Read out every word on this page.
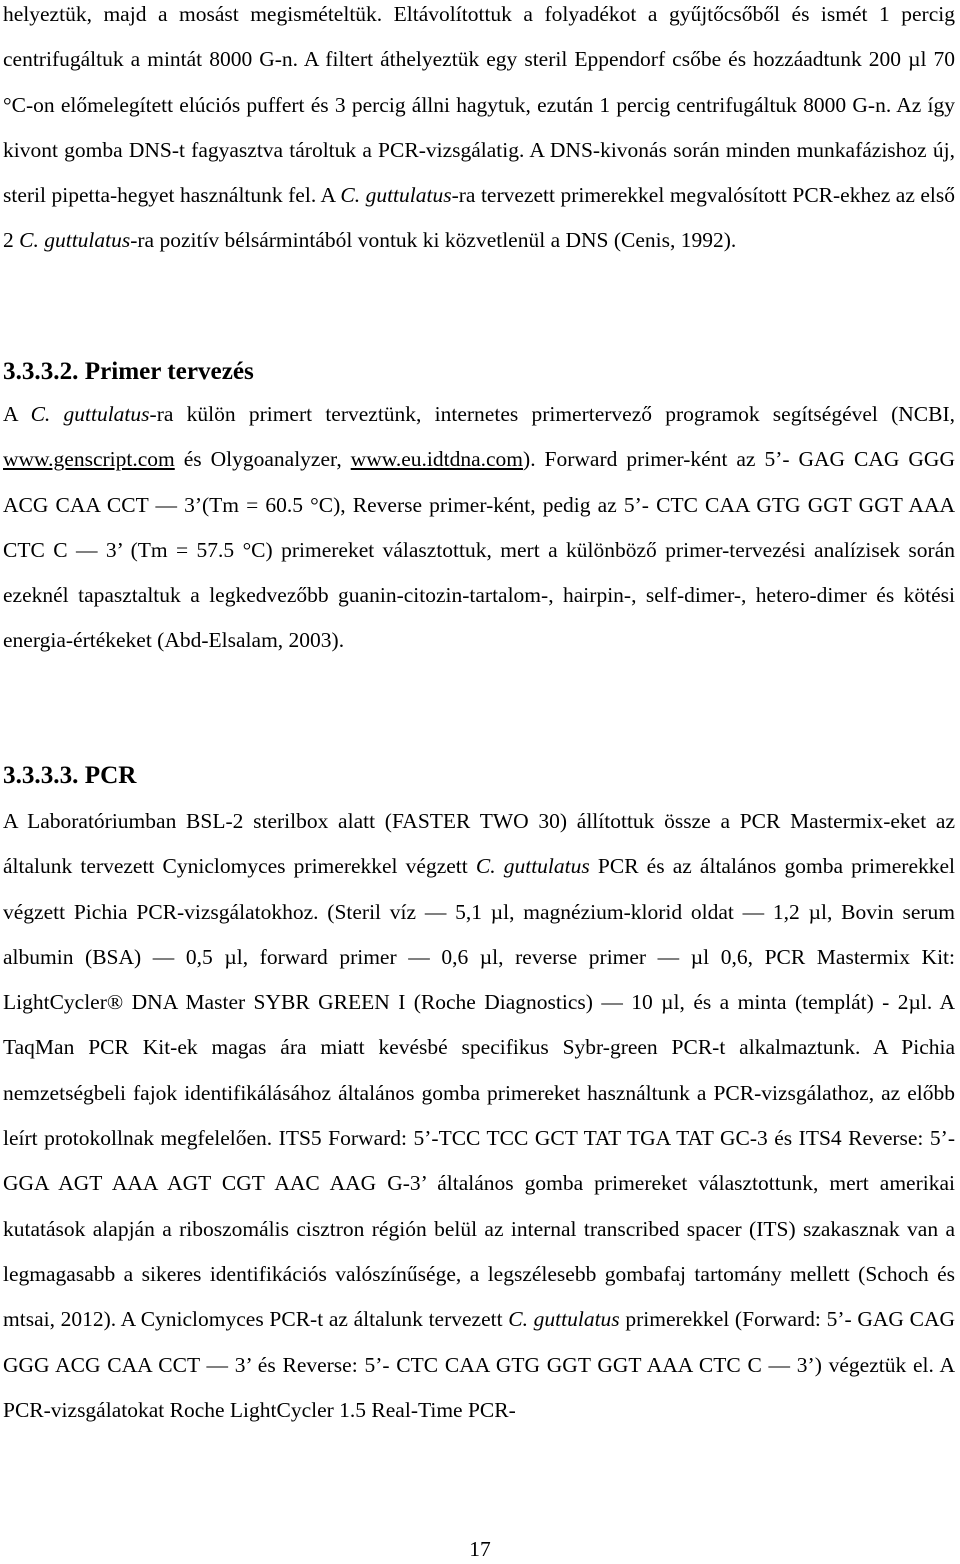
helyeztük, majd a mosást megismételtük. Eltávolítottuk a folyadékot a gyűjtőcsőből és ismét 1 percig centrifugáltuk a mintát 8000 G-n. A filtert áthelyeztük egy steril Eppendorf csőbe és hozzáadtunk 200 µl 70 °C-on előmelegített elúciós puffert és 3 percig állni hagytuk, ezután 1 percig centrifugáltuk 8000 G-n. Az így kivont gomba DNS-t fagyasztva tároltuk a PCR-vizsgálatig. A DNS-kivonás során minden munkafázishoz új, steril pipetta-hegyet használtunk fel. A C. guttulatus-ra tervezett primerekkel megvalósított PCR-ekhez az első 2 C. guttulatus-ra pozitív bélsármintából vontuk ki közvetlenül a DNS (Cenis, 1992).

3.3.3.2. Primer tervezés

A C. guttulatus-ra külön primert terveztünk, internetes primertervező programok segítségével (NCBI, www.genscript.com és Olygoanalyzer, www.eu.idtdna.com). Forward primer-ként az 5’- GAG CAG GGG ACG CAA CCT — 3’(Tm = 60.5 °C), Reverse primer-ként, pedig az 5’- CTC CAA GTG GGT GGT AAA CTC C — 3’ (Tm = 57.5 °C) primereket választottuk, mert a különböző primer-tervezési analízisek során ezeknél tapasztaltuk a legkedvezőbb guanin-citozin-tartalom-, hairpin-, self-dimer-, hetero-dimer és kötési energia-értékeket (Abd-Elsalam, 2003).

3.3.3.3. PCR

A Laboratóriumban BSL-2 sterilbox alatt (FASTER TWO 30) állítottuk össze a PCR Mastermix-eket az általunk tervezett Cyniclomyces primerekkel végzett C. guttulatus PCR és az általános gomba primerekkel végzett Pichia PCR-vizsgálatokhoz. (Steril víz — 5,1 µl, magnézium-klorid oldat — 1,2 µl, Bovin serum albumin (BSA) — 0,5 µl, forward primer — 0,6 µl, reverse primer — µl 0,6, PCR Mastermix Kit: LightCycler® DNA Master SYBR GREEN I (Roche Diagnostics) — 10 µl, és a minta (templát) - 2µl. A TaqMan PCR Kit-ek magas ára miatt kevésbé specifikus Sybr-green PCR-t alkalmaztunk. A Pichia nemzetségbeli fajok identifikálásához általános gomba primereket használtunk a PCR-vizsgálathoz, az előbb leírt protokollnak megfelelően. ITS5 Forward: 5’-TCC TCC GCT TAT TGA TAT GC-3 és ITS4 Reverse: 5’-GGA AGT AAA AGT CGT AAC AAG G-3’ általános gomba primereket választottunk, mert amerikai kutatások alapján a riboszomális cisztron régión belül az internal transcribed spacer (ITS) szakasznak van a legmagasabb a sikeres identifikációs valószínűsége, a legszélesebb gombafaj tartomány mellett (Schoch és mtsai, 2012). A Cyniclomyces PCR-t az általunk tervezett C. guttulatus primerekkel (Forward: 5’- GAG CAG GGG ACG CAA CCT — 3’ és Reverse: 5’- CTC CAA GTG GGT GGT AAA CTC C — 3’) végeztük el. A PCR-vizsgálatokat Roche LightCycler 1.5 Real-Time PCR-

17
